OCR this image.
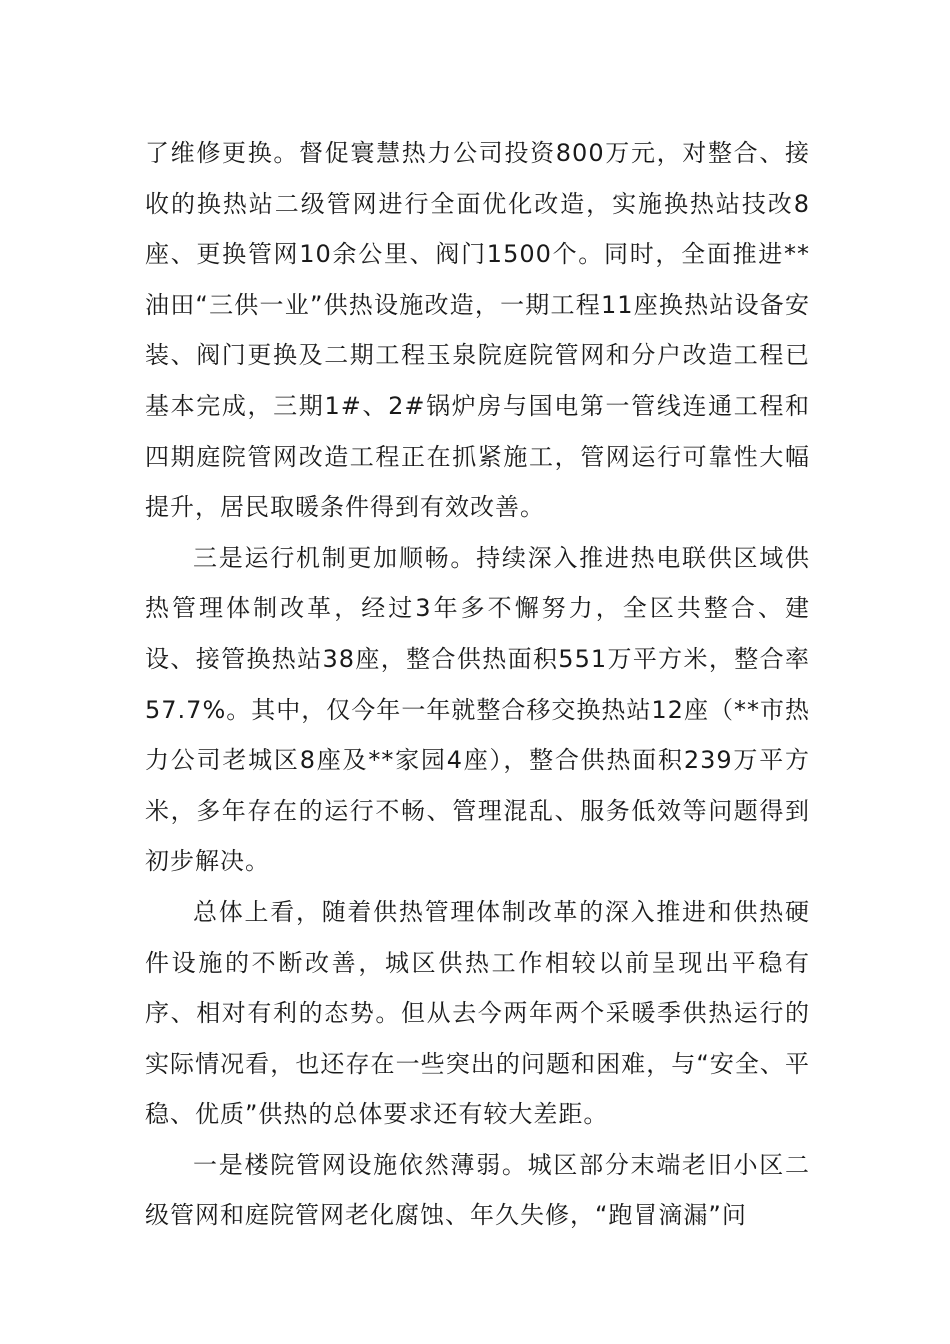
了维修更换。督促寰慧热力公司投资800万元，对整合、接收的换热站二级管网进行全面优化改造，实施换热站技改8座、更换管网10余公里、阀门1500个。同时，全面推进**油田“三供一业”供热设施改造，一期工程11座换热站设备安装、阀门更换及二期工程玉泉院庭院管网和分户改造工程已基本完成，三期1#、2#锅炉房与国电第一管线连通工程和四期庭院管网改造工程正在抓紧施工，管网运行可靠性大幅提升，居民取暖条件得到有效改善。

三是运行机制更加顺畅。持续深入推进热电联供区域供热管理体制改革，经过3年多不懈努力，全区共整合、建设、接管换热站38座，整合供热面积551万平方米，整合率57.7%。其中，仅今年一年就整合移交换热站12座（**市热力公司老城区8座及**家园4座），整合供热面积239万平方米，多年存在的运行不畅、管理混乱、服务低效等问题得到初步解决。

总体上看，随着供热管理体制改革的深入推进和供热硬件设施的不断改善，城区供热工作相较以前呈现出平稳有序、相对有利的态势。但从去今两年两个采暖季供热运行的实际情况看，也还存在一些突出的问题和困难，与“安全、平稳、优质”供热的总体要求还有较大差距。

一是楼院管网设施依然薄弱。城区部分末端老旧小区二级管网和庭院管网老化腐蚀、年久失修，“跑冒滴漏”问
